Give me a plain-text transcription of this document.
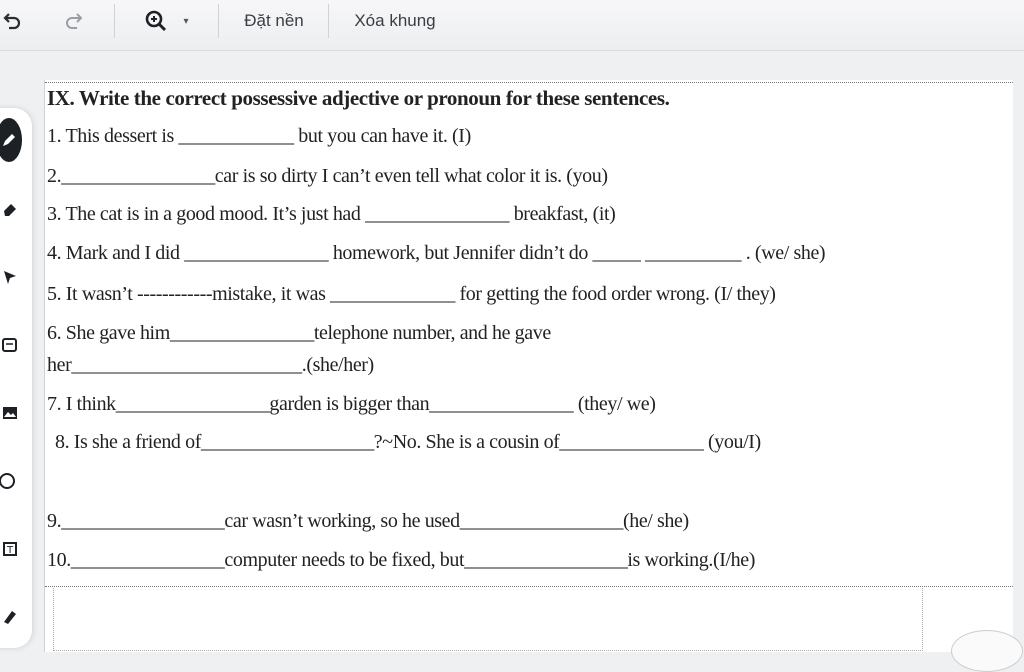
▾	Đặt nền	Xóa khung
T
IX. Write the correct possessive adjective or pronoun for these sentences.
1. This dessert is ____________ but you can have it. (I)
2.________________car is so dirty I can’t even tell what color it is. (you)
3. The cat is in a good mood. It’s just had _______________ breakfast, (it)
4. Mark and I did _______________ homework, but Jennifer didn’t do _____ __________ . (we/ she)
5. It wasn’t ------------mistake, it was _____________ for getting the food order wrong. (I/ they)
6. She gave him_______________telephone number, and he gave
her________________________.(she/her)
7. I think________________garden is bigger than_______________ (they/ we)
8. Is she a friend of__________________?~No. She is a cousin of_______________ (you/I)
9._________________car wasn’t working, so he used_________________(he/ she)
10.________________computer needs to be fixed, but_________________is working.(I/he)
